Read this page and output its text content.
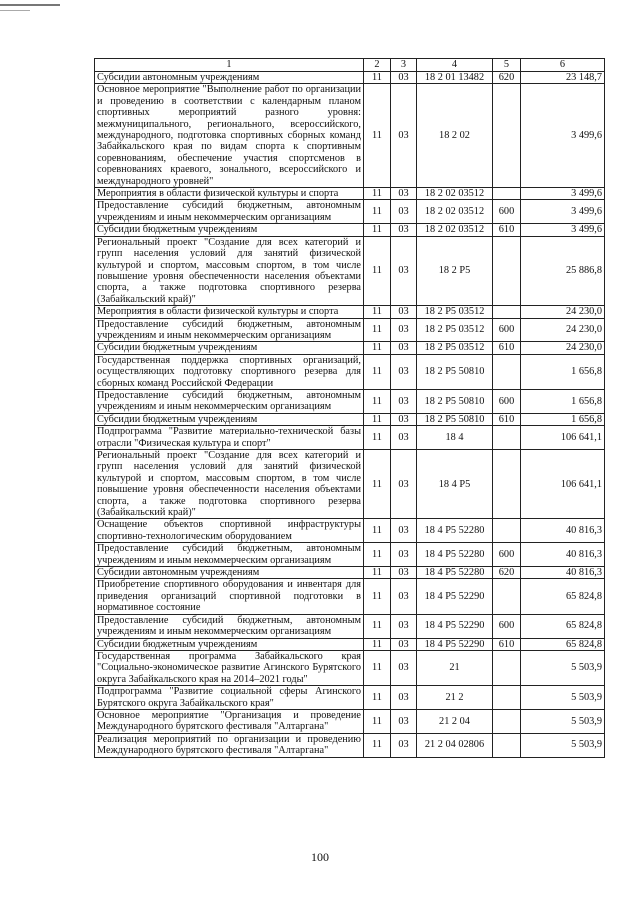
1	2	3	4	5	6
Субсидии автономным учреждениям	11	03	18 2 01 13482	620	23 148,7
Основное мероприятие "Выполнение работ по организации и проведению в соответствии с календарным планом спортивных мероприятий разного уровня: межмуниципального, регионального, всероссийского, международного, подготовка спортивных сборных команд Забайкальского края по видам спорта к спортивным соревнованиям, обеспечение участия спортсменов в соревнованиях краевого, зонального, всероссийского и международного уровней"	11	03	18 2 02		3 499,6
Мероприятия в области физической культуры и спорта	11	03	18 2 02 03512		3 499,6
Предоставление субсидий бюджетным, автономным учреждениям и иным некоммерческим организациям	11	03	18 2 02 03512	600	3 499,6
Субсидии бюджетным учреждениям	11	03	18 2 02 03512	610	3 499,6
Региональный проект "Создание для всех категорий и групп населения условий для занятий физической культурой и спортом, массовым спортом, в том числе повышение уровня обеспеченности населения объектами спорта, а также подготовка спортивного резерва (Забайкальский край)"	11	03	18 2 P5		25 886,8
Мероприятия в области физической культуры и спорта	11	03	18 2 P5 03512		24 230,0
Предоставление субсидий бюджетным, автономным учреждениям и иным некоммерческим организациям	11	03	18 2 P5 03512	600	24 230,0
Субсидии бюджетным учреждениям	11	03	18 2 P5 03512	610	24 230,0
Государственная поддержка спортивных организаций, осуществляющих подготовку спортивного резерва для сборных команд Российской Федерации	11	03	18 2 P5 50810		1 656,8
Предоставление субсидий бюджетным, автономным учреждениям и иным некоммерческим организациям	11	03	18 2 P5 50810	600	1 656,8
Субсидии бюджетным учреждениям	11	03	18 2 P5 50810	610	1 656,8
Подпрограмма "Развитие материально-технической базы отрасли "Физическая культура и спорт"	11	03	18 4		106 641,1
Региональный проект "Создание для всех категорий и групп населения условий для занятий физической культурой и спортом, массовым спортом, в том числе повышение уровня обеспеченности населения объектами спорта, а также подготовка спортивного резерва (Забайкальский край)"	11	03	18 4 P5		106 641,1
Оснащение объектов спортивной инфраструктуры спортивно-технологическим оборудованием	11	03	18 4 P5 52280		40 816,3
Предоставление субсидий бюджетным, автономным учреждениям и иным некоммерческим организациям	11	03	18 4 P5 52280	600	40 816,3
Субсидии автономным учреждениям	11	03	18 4 P5 52280	620	40 816,3
Приобретение спортивного оборудования и инвентаря для приведения организаций спортивной подготовки в нормативное состояние	11	03	18 4 P5 52290		65 824,8
Предоставление субсидий бюджетным, автономным учреждениям и иным некоммерческим организациям	11	03	18 4 P5 52290	600	65 824,8
Субсидии бюджетным учреждениям	11	03	18 4 P5 52290	610	65 824,8
Государственная программа Забайкальского края "Социально-экономическое развитие Агинского Бурятского округа Забайкальского края на 2014–2021 годы"	11	03	21		5 503,9
Подпрограмма "Развитие социальной сферы Агинского Бурятского округа Забайкальского края"	11	03	21 2		5 503,9
Основное мероприятие "Организация и проведение Международного бурятского фестиваля "Алтаргана"	11	03	21 2 04		5 503,9
Реализация мероприятий по организации и проведению Международного бурятского фестиваля "Алтаргана"	11	03	21 2 04 02806		5 503,9
100
